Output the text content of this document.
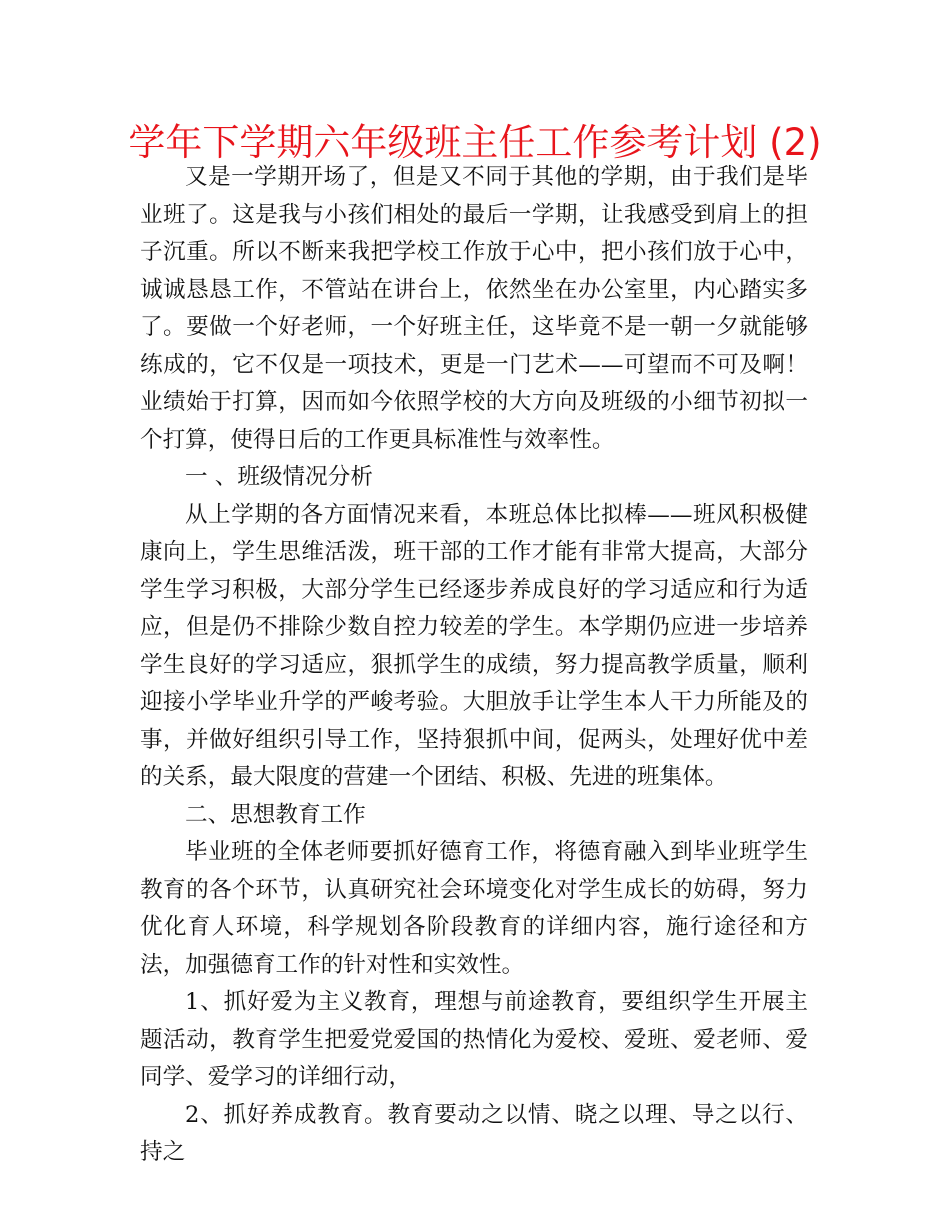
学年下学期六年级班主任工作参考计划 (2)

又是一学期开场了，但是又不同于其他的学期，由于我们是毕业班了。这是我与小孩们相处的最后一学期，让我感受到肩上的担子沉重。所以不断来我把学校工作放于心中，把小孩们放于心中，诚诚恳恳工作，不管站在讲台上，依然坐在办公室里，内心踏实多了。要做一个好老师，一个好班主任，这毕竟不是一朝一夕就能够练成的，它不仅是一项技术，更是一门艺术——可望而不可及啊！业绩始于打算，因而如今依照学校的大方向及班级的小细节初拟一个打算，使得日后的工作更具标准性与效率性。

一 、班级情况分析

从上学期的各方面情况来看，本班总体比拟棒——班风积极健康向上，学生思维活泼，班干部的工作才能有非常大提高，大部分学生学习积极，大部分学生已经逐步养成良好的学习适应和行为适应，但是仍不排除少数自控力较差的学生。本学期仍应进一步培养学生良好的学习适应，狠抓学生的成绩，努力提高教学质量，顺利迎接小学毕业升学的严峻考验。大胆放手让学生本人干力所能及的事，并做好组织引导工作，坚持狠抓中间，促两头，处理好优中差的关系，最大限度的营建一个团结、积极、先进的班集体。

二、思想教育工作

毕业班的全体老师要抓好德育工作，将德育融入到毕业班学生教育的各个环节，认真研究社会环境变化对学生成长的妨碍，努力优化育人环境，科学规划各阶段教育的详细内容，施行途径和方法，加强德育工作的针对性和实效性。

1、抓好爱为主义教育，理想与前途教育，要组织学生开展主题活动，教育学生把爱党爱国的热情化为爱校、爱班、爱老师、爱同学、爱学习的详细行动，

2、抓好养成教育。教育要动之以情、晓之以理、导之以行、持之
